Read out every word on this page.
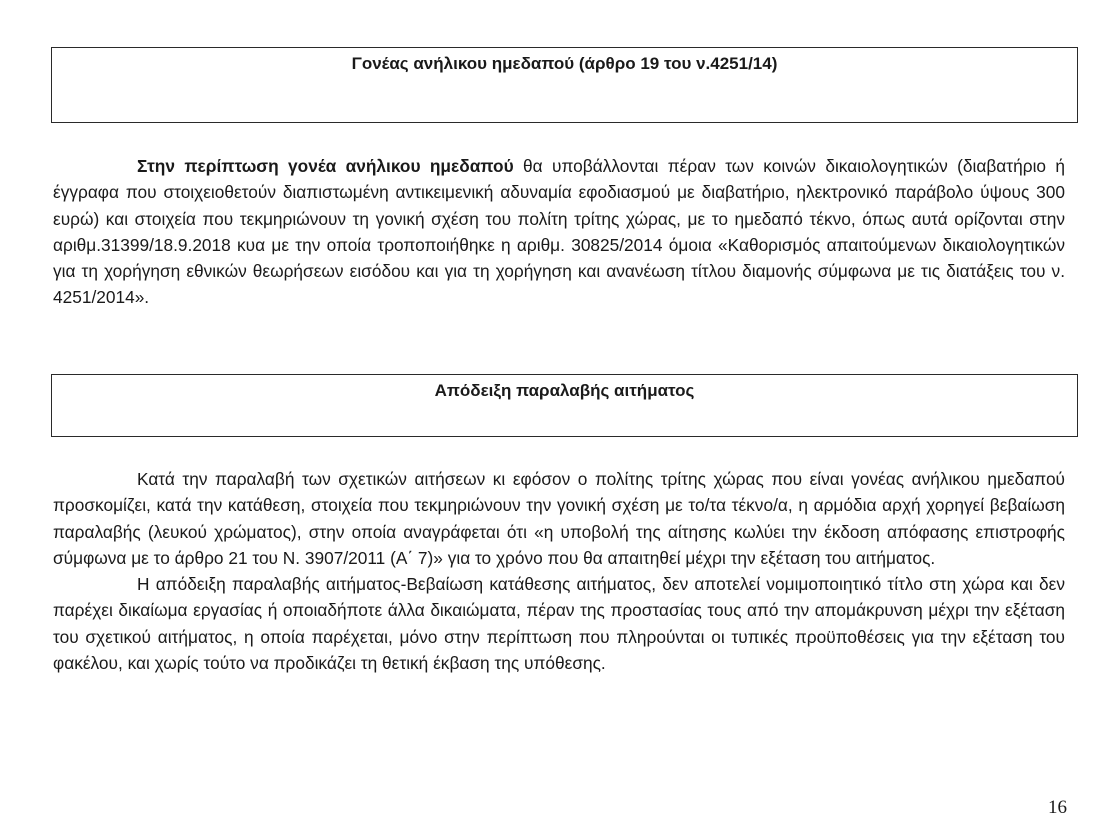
Γονέας ανήλικου ημεδαπού (άρθρο 19 του ν.4251/14)

Στην περίπτωση γονέα ανήλικου ημεδαπού θα υποβάλλονται πέραν των κοινών δικαιολογητικών (διαβατήριο ή έγγραφα που στοιχειοθετούν διαπιστωμένη αντικειμενική αδυναμία εφοδιασμού με διαβατήριο, ηλεκτρονικό παράβολο ύψους 300 ευρώ) και στοιχεία που τεκμηριώνουν τη γονική σχέση του πολίτη τρίτης χώρας, με το ημεδαπό τέκνο, όπως αυτά ορίζονται στην αριθμ.31399/18.9.2018 κυα με την οποία τροποποιήθηκε η αριθμ. 30825/2014 όμοια «Καθορισμός απαιτούμενων δικαιολογητικών για τη χορήγηση εθνικών θεωρήσεων εισόδου και για τη χορήγηση και ανανέωση τίτλου διαμονής σύμφωνα με τις διατάξεις του ν. 4251/2014».

Απόδειξη παραλαβής αιτήματος

Κατά την παραλαβή των σχετικών αιτήσεων κι εφόσον ο πολίτης τρίτης χώρας που είναι γονέας ανήλικου ημεδαπού προσκομίζει, κατά την κατάθεση, στοιχεία που τεκμηριώνουν την γονική σχέση με το/τα τέκνο/α, η αρμόδια αρχή χορηγεί βεβαίωση παραλαβής (λευκού χρώματος), στην οποία αναγράφεται ότι «η υποβολή της αίτησης κωλύει την έκδοση απόφασης επιστροφής σύμφωνα με το άρθρο 21 του Ν. 3907/2011 (Α΄ 7)» για το χρόνο που θα απαιτηθεί μέχρι την εξέταση του αιτήματος.

Η απόδειξη παραλαβής αιτήματος-Βεβαίωση κατάθεσης αιτήματος, δεν αποτελεί νομιμοποιητικό τίτλο στη χώρα και δεν παρέχει δικαίωμα εργασίας ή οποιαδήποτε άλλα δικαιώματα, πέραν της προστασίας τους από την απομάκρυνση μέχρι την εξέταση του σχετικού αιτήματος, η οποία παρέχεται, μόνο στην περίπτωση που πληρούνται οι τυπικές προϋποθέσεις για την εξέταση του φακέλου, και χωρίς τούτο να προδικάζει τη θετική έκβαση της υπόθεσης.

16
